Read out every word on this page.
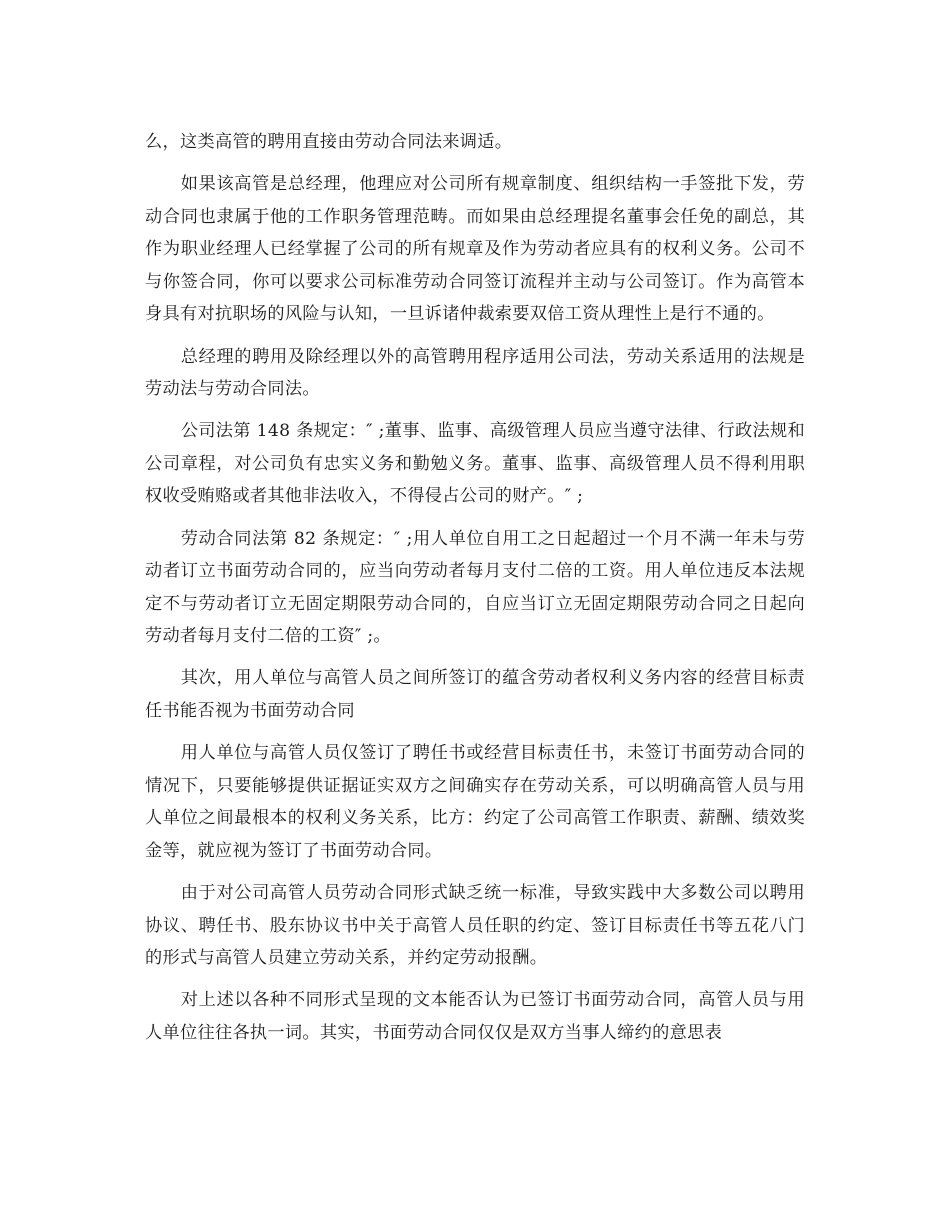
么，这类高管的聘用直接由劳动合同法来调适。

如果该高管是总经理，他理应对公司所有规章制度、组织结构一手签批下发，劳动合同也隶属于他的工作职务管理范畴。而如果由总经理提名董事会任免的副总，其作为职业经理人已经掌握了公司的所有规章及作为劳动者应具有的权利义务。公司不与你签合同，你可以要求公司标准劳动合同签订流程并主动与公司签订。作为高管本身具有对抗职场的风险与认知，一旦诉诸仲裁索要双倍工资从理性上是行不通的。

总经理的聘用及除经理以外的高管聘用程序适用公司法，劳动关系适用的法规是劳动法与劳动合同法。

公司法第 148 条规定：″ ;董事、监事、高级管理人员应当遵守法律、行政法规和公司章程，对公司负有忠实义务和勤勉义务。董事、监事、高级管理人员不得利用职权收受贿赂或者其他非法收入，不得侵占公司的财产。″ ;

劳动合同法第 82 条规定：″ ;用人单位自用工之日起超过一个月不满一年未与劳动者订立书面劳动合同的，应当向劳动者每月支付二倍的工资。用人单位违反本法规定不与劳动者订立无固定期限劳动合同的，自应当订立无固定期限劳动合同之日起向劳动者每月支付二倍的工资″ ;。

其次，用人单位与高管人员之间所签订的蕴含劳动者权利义务内容的经营目标责任书能否视为书面劳动合同

用人单位与高管人员仅签订了聘任书或经营目标责任书，未签订书面劳动合同的情况下，只要能够提供证据证实双方之间确实存在劳动关系，可以明确高管人员与用人单位之间最根本的权利义务关系，比方：约定了公司高管工作职责、薪酬、绩效奖金等，就应视为签订了书面劳动合同。

由于对公司高管人员劳动合同形式缺乏统一标准，导致实践中大多数公司以聘用协议、聘任书、股东协议书中关于高管人员任职的约定、签订目标责任书等五花八门的形式与高管人员建立劳动关系，并约定劳动报酬。

对上述以各种不同形式呈现的文本能否认为已签订书面劳动合同，高管人员与用人单位往往各执一词。其实，书面劳动合同仅仅是双方当事人缔约的意思表
